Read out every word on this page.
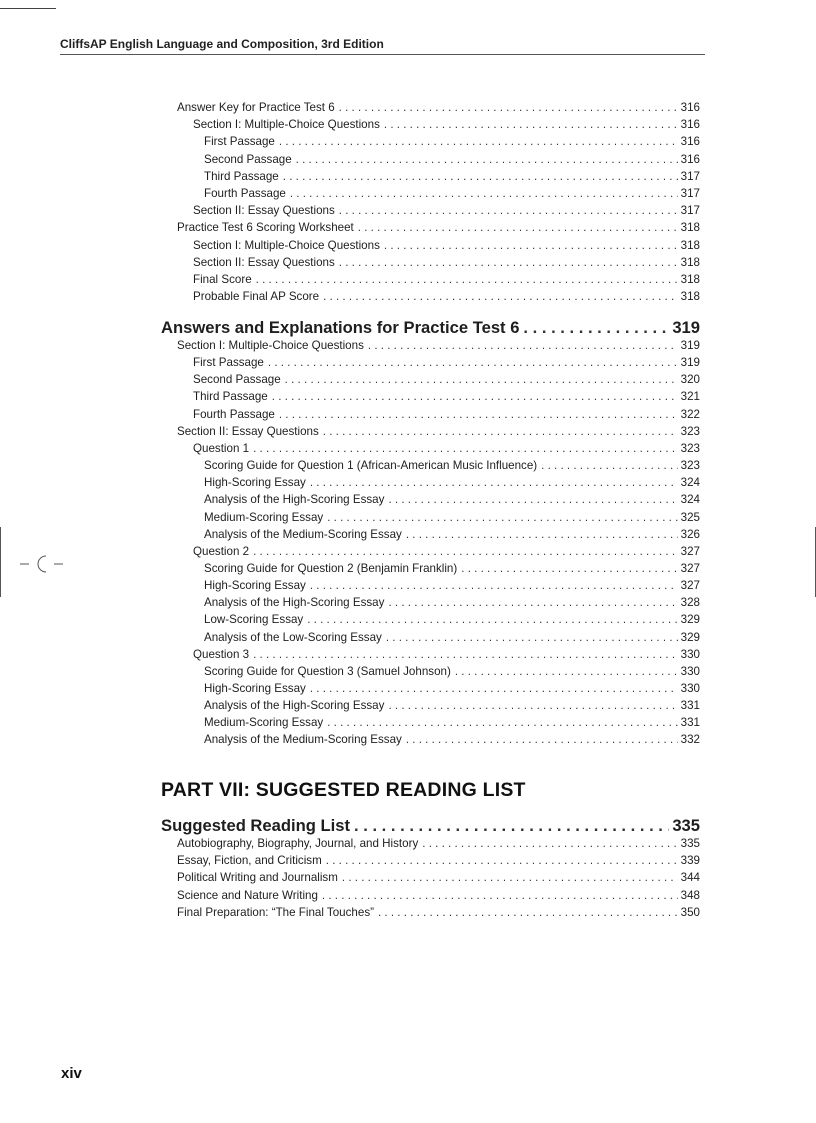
CliffsAP English Language and Composition, 3rd Edition
Answer Key for Practice Test 6 . . .	316
Section I: Multiple-Choice Questions . . .	316
First Passage . . .	316
Second Passage . . .	316
Third Passage . . .	317
Fourth Passage . . .	317
Section II: Essay Questions . . .	317
Practice Test 6 Scoring Worksheet . . .	318
Section I: Multiple-Choice Questions . . .	318
Section II: Essay Questions . . .	318
Final Score . . .	318
Probable Final AP Score . . .	318
Answers and Explanations for Practice Test 6 . . .	319
Section I: Multiple-Choice Questions . . .	319
First Passage . . .	319
Second Passage . . .	320
Third Passage . . .	321
Fourth Passage . . .	322
Section II: Essay Questions . . .	323
Question 1 . . .	323
Scoring Guide for Question 1 (African-American Music Influence) . . .	323
High-Scoring Essay . . .	324
Analysis of the High-Scoring Essay . . .	324
Medium-Scoring Essay . . .	325
Analysis of the Medium-Scoring Essay . . .	326
Question 2 . . .	327
Scoring Guide for Question 2 (Benjamin Franklin) . . .	327
High-Scoring Essay . . .	327
Analysis of the High-Scoring Essay . . .	328
Low-Scoring Essay . . .	329
Analysis of the Low-Scoring Essay . . .	329
Question 3 . . .	330
Scoring Guide for Question 3 (Samuel Johnson) . . .	330
High-Scoring Essay . . .	330
Analysis of the High-Scoring Essay . . .	331
Medium-Scoring Essay . . .	331
Analysis of the Medium-Scoring Essay . . .	332
Suggested Reading List . . .	335
Autobiography, Biography, Journal, and History . . .	335
Essay, Fiction, and Criticism . . .	339
Political Writing and Journalism . . .	344
Science and Nature Writing . . .	348
Final Preparation: “The Final Touches” . . .	350
PART VII: SUGGESTED READING LIST
xiv
